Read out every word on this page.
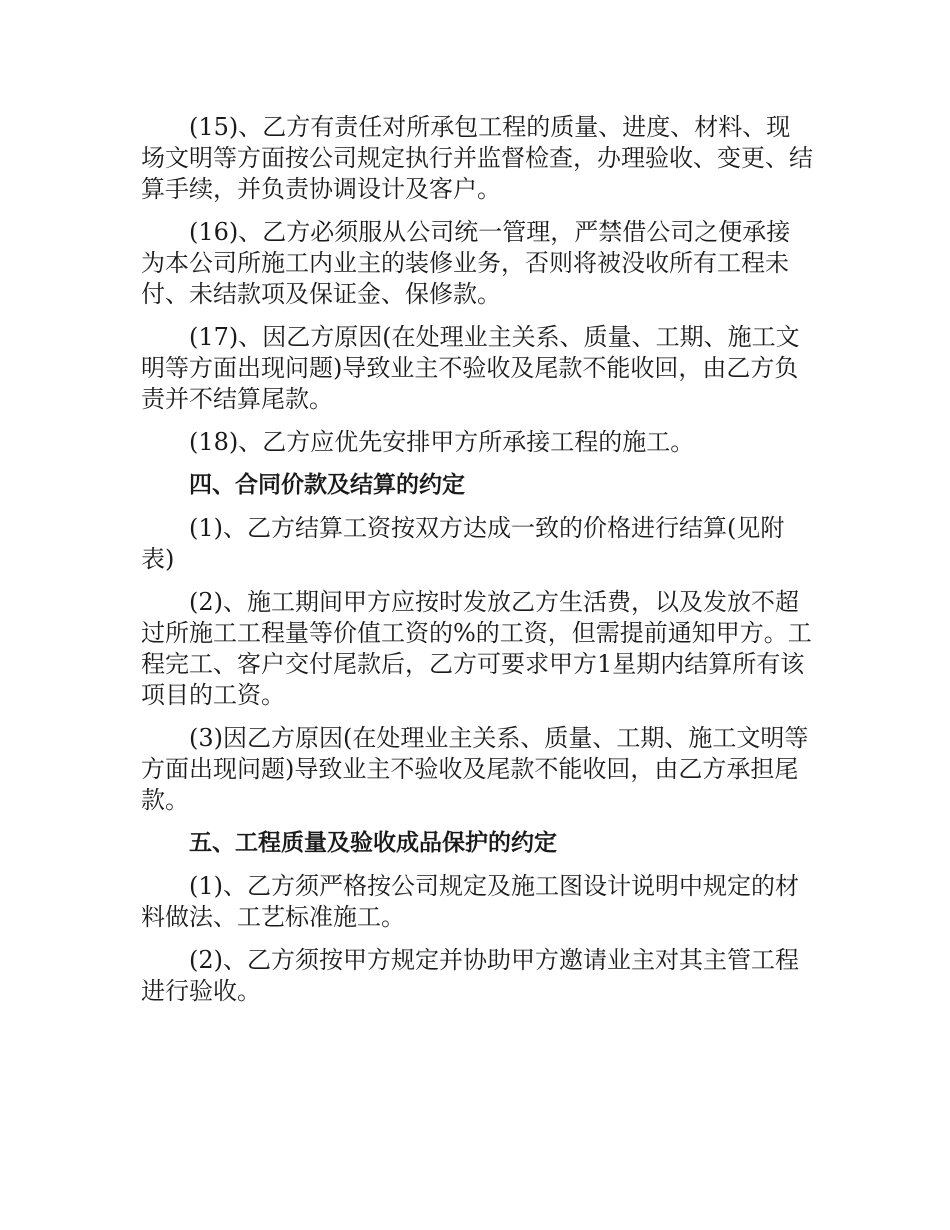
(15)、乙方有责任对所承包工程的质量、进度、材料、现场文明等方面按公司规定执行并监督检查，办理验收、变更、结算手续，并负责协调设计及客户。

(16)、乙方必须服从公司统一管理，严禁借公司之便承接为本公司所施工内业主的装修业务，否则将被没收所有工程未付、未结款项及保证金、保修款。

(17)、因乙方原因(在处理业主关系、质量、工期、施工文明等方面出现问题)导致业主不验收及尾款不能收回，由乙方负责并不结算尾款。

(18)、乙方应优先安排甲方所承接工程的施工。

四、合同价款及结算的约定

(1)、乙方结算工资按双方达成一致的价格进行结算(见附表)

(2)、施工期间甲方应按时发放乙方生活费，以及发放不超过所施工工程量等价值工资的%的工资，但需提前通知甲方。工程完工、客户交付尾款后，乙方可要求甲方1星期内结算所有该项目的工资。

(3)因乙方原因(在处理业主关系、质量、工期、施工文明等方面出现问题)导致业主不验收及尾款不能收回，由乙方承担尾款。

五、工程质量及验收成品保护的约定

(1)、乙方须严格按公司规定及施工图设计说明中规定的材料做法、工艺标准施工。

(2)、乙方须按甲方规定并协助甲方邀请业主对其主管工程进行验收。
